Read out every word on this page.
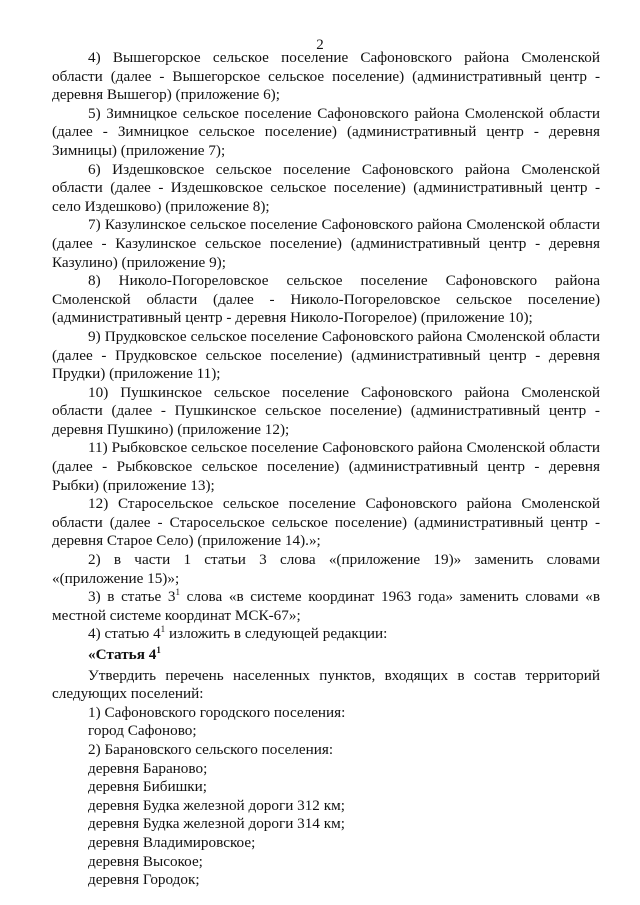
2

4) Вышегорское сельское поселение Сафоновского района Смоленской области (далее - Вышегорское сельское поселение) (административный центр - деревня Вышегор) (приложение 6);

5) Зимницкое сельское поселение Сафоновского района Смоленской области (далее - Зимницкое сельское поселение) (административный центр - деревня Зимницы) (приложение 7);

6) Издешковское сельское поселение Сафоновского района Смоленской области (далее - Издешковское сельское поселение) (административный центр - село Издешково) (приложение 8);

7) Казулинское сельское поселение Сафоновского района Смоленской области (далее - Казулинское сельское поселение) (административный центр - деревня Казулино) (приложение 9);

8) Николо-Погореловское сельское поселение Сафоновского района Смоленской области (далее - Николо-Погореловское сельское поселение) (административный центр - деревня Николо-Погорелое) (приложение 10);

9) Прудковское сельское поселение Сафоновского района Смоленской области (далее - Прудковское сельское поселение) (административный центр - деревня Прудки) (приложение 11);

10) Пушкинское сельское поселение Сафоновского района Смоленской области (далее - Пушкинское сельское поселение) (административный центр - деревня Пушкино) (приложение 12);

11) Рыбковское сельское поселение Сафоновского района Смоленской области (далее - Рыбковское сельское поселение) (административный центр - деревня Рыбки) (приложение 13);

12) Старосельское сельское поселение Сафоновского района Смоленской области (далее - Старосельское сельское поселение) (административный центр - деревня Старое Село) (приложение 14).»;

2) в части 1 статьи 3 слова «(приложение 19)» заменить словами «(приложение 15)»;

3) в статье $3^1$ слова «в системе координат 1963 года» заменить словами «в местной системе координат МСК-67»;

4) статью $4^1$ изложить в следующей редакции:

«Статья $4^1$

Утвердить перечень населенных пунктов, входящих в состав территорий следующих поселений:

1) Сафоновского городского поселения:

город Сафоново;

2) Барановского сельского поселения:

деревня Бараново;

деревня Бибишки;

деревня Будка железной дороги 312 км;

деревня Будка железной дороги 314 км;

деревня Владимировское;

деревня Высокое;

деревня Городок;
